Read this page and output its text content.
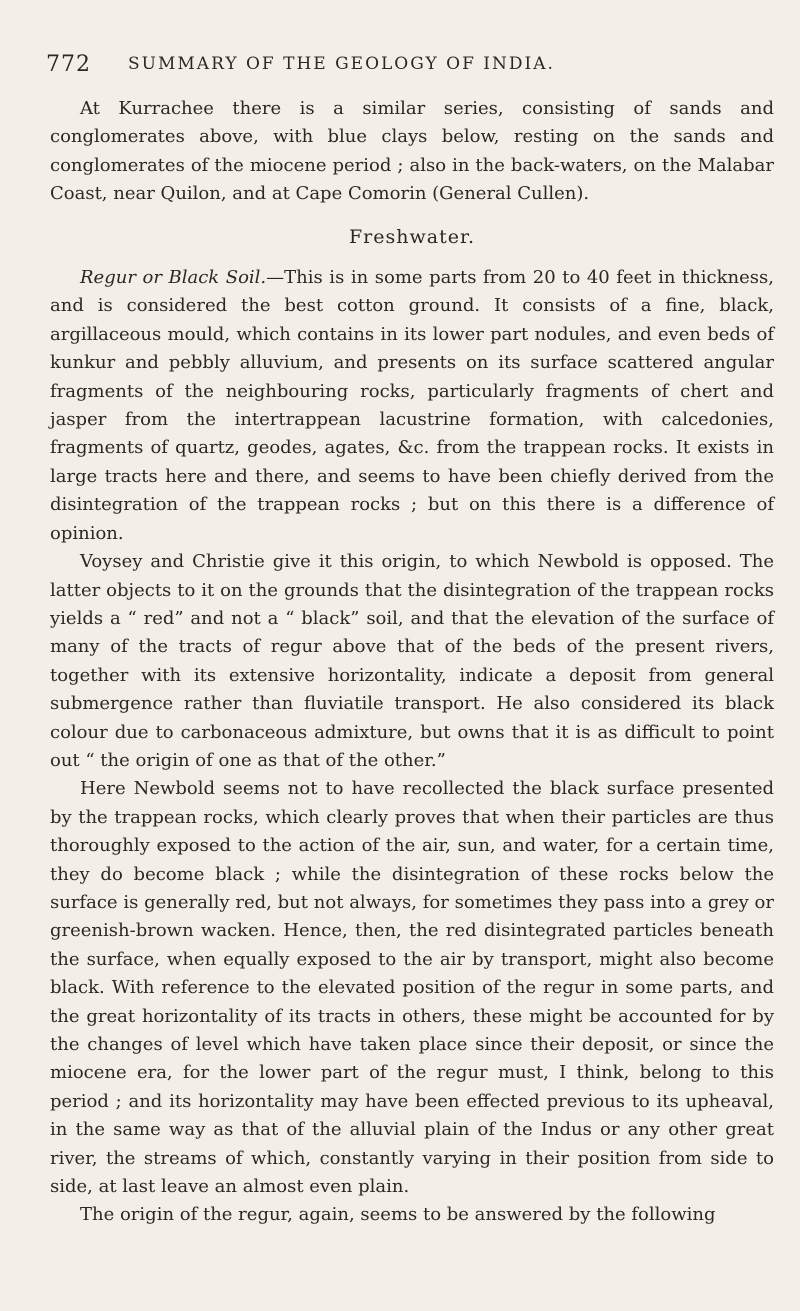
772 SUMMARY OF THE GEOLOGY OF INDIA.

At Kurrachee there is a similar series, consisting of sands and conglomerates above, with blue clays below, resting on the sands and conglomerates of the miocene period ; also in the back-waters, on the Malabar Coast, near Quilon, and at Cape Comorin (General Cullen).

Freshwater.

Regur or Black Soil.—This is in some parts from 20 to 40 feet in thickness, and is considered the best cotton ground. It consists of a fine, black, argillaceous mould, which contains in its lower part nodules, and even beds of kunkur and pebbly alluvium, and presents on its surface scattered angular fragments of the neighbouring rocks, particularly fragments of chert and jasper from the intertrappean lacustrine formation, with calcedonies, fragments of quartz, geodes, agates, &c. from the trappean rocks. It exists in large tracts here and there, and seems to have been chiefly derived from the disintegration of the trappean rocks ; but on this there is a difference of opinion.

Voysey and Christie give it this origin, to which Newbold is opposed. The latter objects to it on the grounds that the disintegration of the trappean rocks yields a “ red” and not a “ black” soil, and that the elevation of the surface of many of the tracts of regur above that of the beds of the present rivers, together with its extensive horizontality, indicate a deposit from general submergence rather than fluviatile transport. He also considered its black colour due to carbonaceous admixture, but owns that it is as difficult to point out “ the origin of one as that of the other.”

Here Newbold seems not to have recollected the black surface presented by the trappean rocks, which clearly proves that when their particles are thus thoroughly exposed to the action of the air, sun, and water, for a certain time, they do become black ; while the disintegration of these rocks below the surface is generally red, but not always, for sometimes they pass into a grey or greenish-brown wacken. Hence, then, the red disintegrated particles beneath the surface, when equally exposed to the air by transport, might also become black. With reference to the elevated position of the regur in some parts, and the great horizontality of its tracts in others, these might be accounted for by the changes of level which have taken place since their deposit, or since the miocene era, for the lower part of the regur must, I think, belong to this period ; and its horizontality may have been effected previous to its upheaval, in the same way as that of the alluvial plain of the Indus or any other great river, the streams of which, constantly varying in their position from side to side, at last leave an almost even plain.

The origin of the regur, again, seems to be answered by the following
